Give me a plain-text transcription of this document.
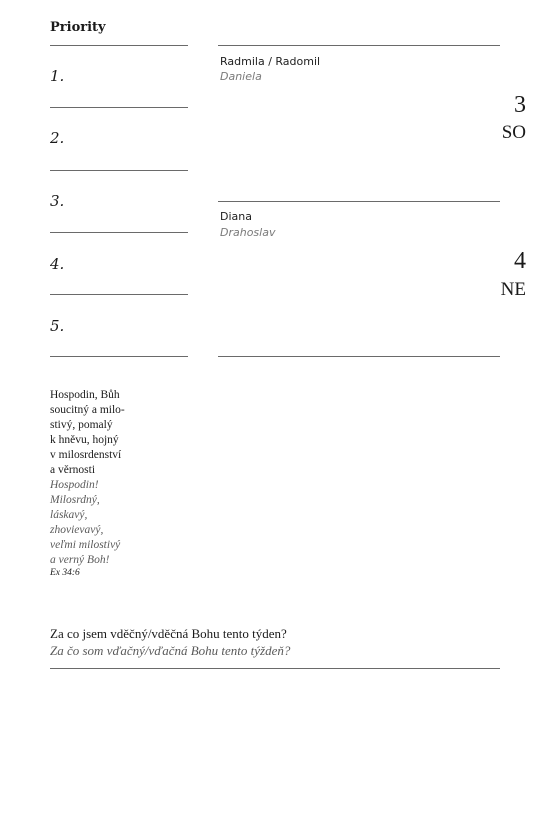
Priority
1.
2.
3.
4.
5.
Radmila / Radomil
Daniela
3
SO
Diana
Drahoslav
4
NE
Hospodin, Bůh
soucitný a milo-
stivý, pomalý
k hněvu, hojný
v milosrdenství
a věrnosti
Hospodin!
Milosrdný,
láskavý,
zhovievavý,
veľmi milostivý
a verný Boh!
Ex 34:6
Za co jsem vděčný/vděčná Bohu tento týden?
Za čo som vďačný/vďačná Bohu tento týždeň?
